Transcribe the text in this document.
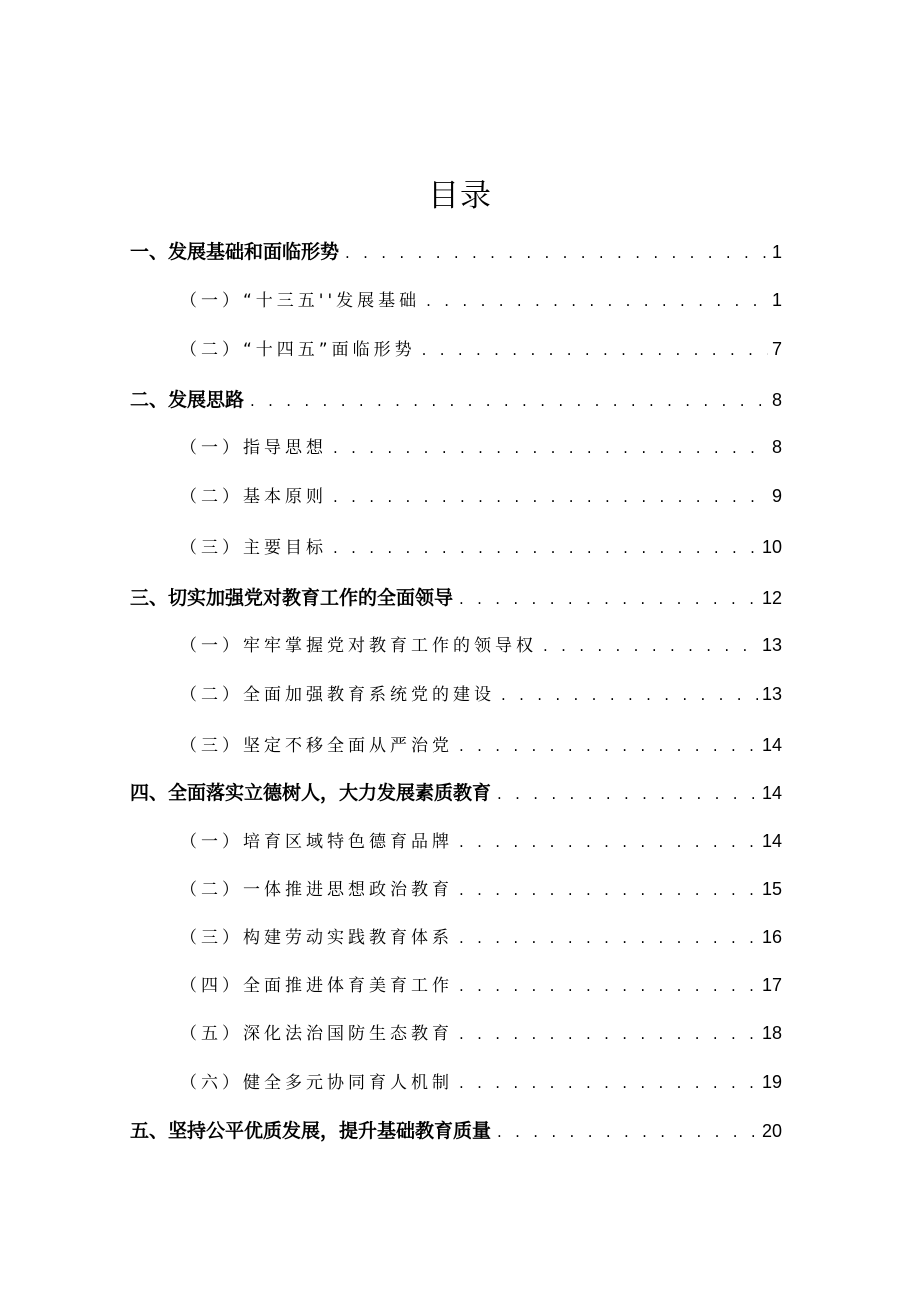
目录
一、发展基础和面临形势 . . .	1
（一）“十三五''发展基础 . . .	1
（二）“十四五”面临形势 . . .	7
二、发展思路 . . .	8
（一）指导思想 . . .	8
（二）基本原则 . . .	9
（三）主要目标 . . .	10
三、切实加强党对教育工作的全面领导 . . .	12
（一）牢牢掌握党对教育工作的领导权 . . .	13
（二）全面加强教育系统党的建设 . . .	13
（三）坚定不移全面从严治党 . . .	14
四、全面落实立德树人，大力发展素质教育 . . .	14
（一）培育区域特色德育品牌 . . .	14
（二）一体推进思想政治教育 . . .	15
（三）构建劳动实践教育体系 . . .	16
（四）全面推进体育美育工作 . . .	17
（五）深化法治国防生态教育 . . .	18
（六）健全多元协同育人机制 . . .	19
五、坚持公平优质发展，提升基础教育质量 . . .	20
